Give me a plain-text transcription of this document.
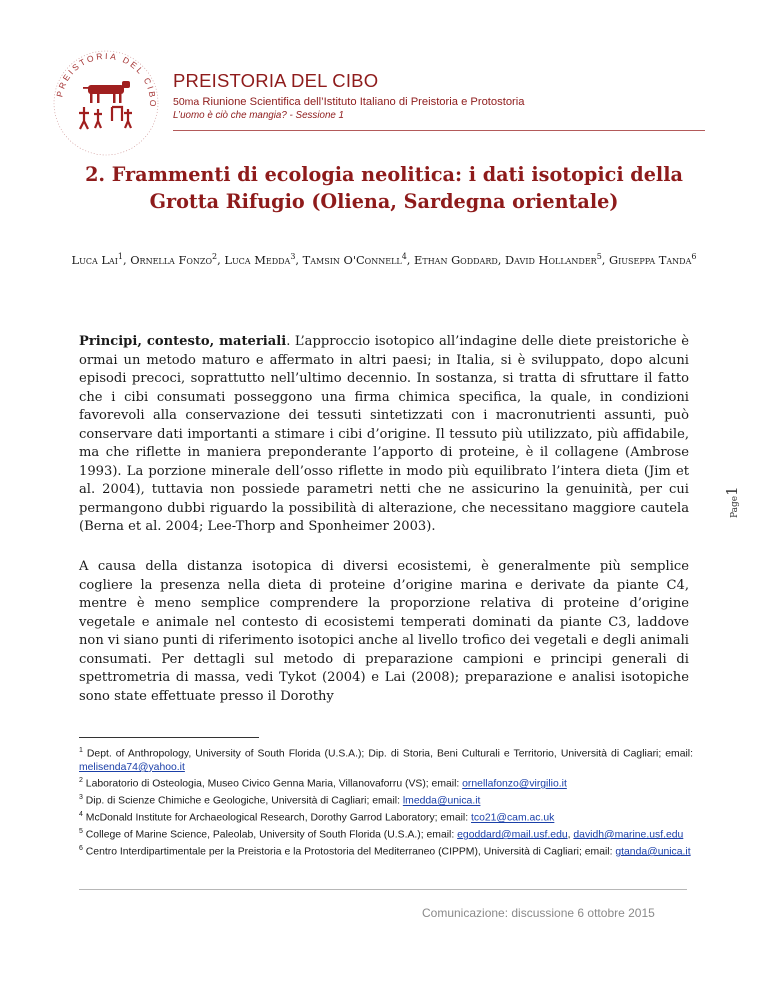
PREISTORIA DEL CIBO
PREISTORIA DEL CIBO
50ma Riunione Scientifica dell’Istituto Italiano di Preistoria e Protostoria
L’uomo è ciò che mangia? - Sessione 1
2. Frammenti di ecologia neolitica: i dati isotopici della Grotta Rifugio (Oliena, Sardegna orientale)
Luca Lai$^1$, Ornella Fonzo$^2$, Luca Medda$^3$, Tamsin O'Connell$^4$, Ethan Goddard, David Hollander$^5$, Giuseppa Tanda$^6$
Principi, contesto, materiali. L’approccio isotopico all’indagine delle diete preistoriche è ormai un metodo maturo e affermato in altri paesi; in Italia, si è sviluppato, dopo alcuni episodi precoci, soprattutto nell’ultimo decennio. In sostanza, si tratta di sfruttare il fatto che i cibi consumati posseggono una firma chimica specifica, la quale, in condizioni favorevoli alla conservazione dei tessuti sintetizzati con i macronutrienti assunti, può conservare dati importanti a stimare i cibi d’origine. Il tessuto più utilizzato, più affidabile, ma che riflette in maniera preponderante l’apporto di proteine, è il collagene (Ambrose 1993). La porzione minerale dell’osso riflette in modo più equilibrato l’intera dieta (Jim et al. 2004), tuttavia non possiede parametri netti che ne assicurino la genuinità, per cui permangono dubbi riguardo la possibilità di alterazione, che necessitano maggiore cautela (Berna et al. 2004; Lee-Thorp and Sponheimer 2003).
A causa della distanza isotopica di diversi ecosistemi, è generalmente più semplice cogliere la presenza nella dieta di proteine d’origine marina e derivate da piante C4, mentre è meno semplice comprendere la proporzione relativa di proteine d’origine vegetale e animale nel contesto di ecosistemi temperati dominati da piante C3, laddove non vi siano punti di riferimento isotopici anche al livello trofico dei vegetali e degli animali consumati. Per dettagli sul metodo di preparazione campioni e principi generali di spettrometria di massa, vedi Tykot (2004) e Lai (2008); preparazione e analisi isotopiche sono state effettuate presso il Dorothy
Page1
$^1$ Dept. of Anthropology, University of South Florida (U.S.A.); Dip. di Storia, Beni Culturali e Territorio, Università di Cagliari; email: melisenda74@yahoo.it
$^2$ Laboratorio di Osteologia, Museo Civico Genna Maria, Villanovaforru (VS); email: ornellafonzo@virgilio.it
$^3$ Dip. di Scienze Chimiche e Geologiche, Università di Cagliari; email: lmedda@unica.it
$^4$ McDonald Institute for Archaeological Research, Dorothy Garrod Laboratory; email: tco21@cam.ac.uk
$^5$ College of Marine Science, Paleolab, University of South Florida (U.S.A.); email: egoddard@mail.usf.edu, davidh@marine.usf.edu
$^6$ Centro Interdipartimentale per la Preistoria e la Protostoria del Mediterraneo (CIPPM), Università di Cagliari; email: gtanda@unica.it
Comunicazione: discussione 6 ottobre 2015
